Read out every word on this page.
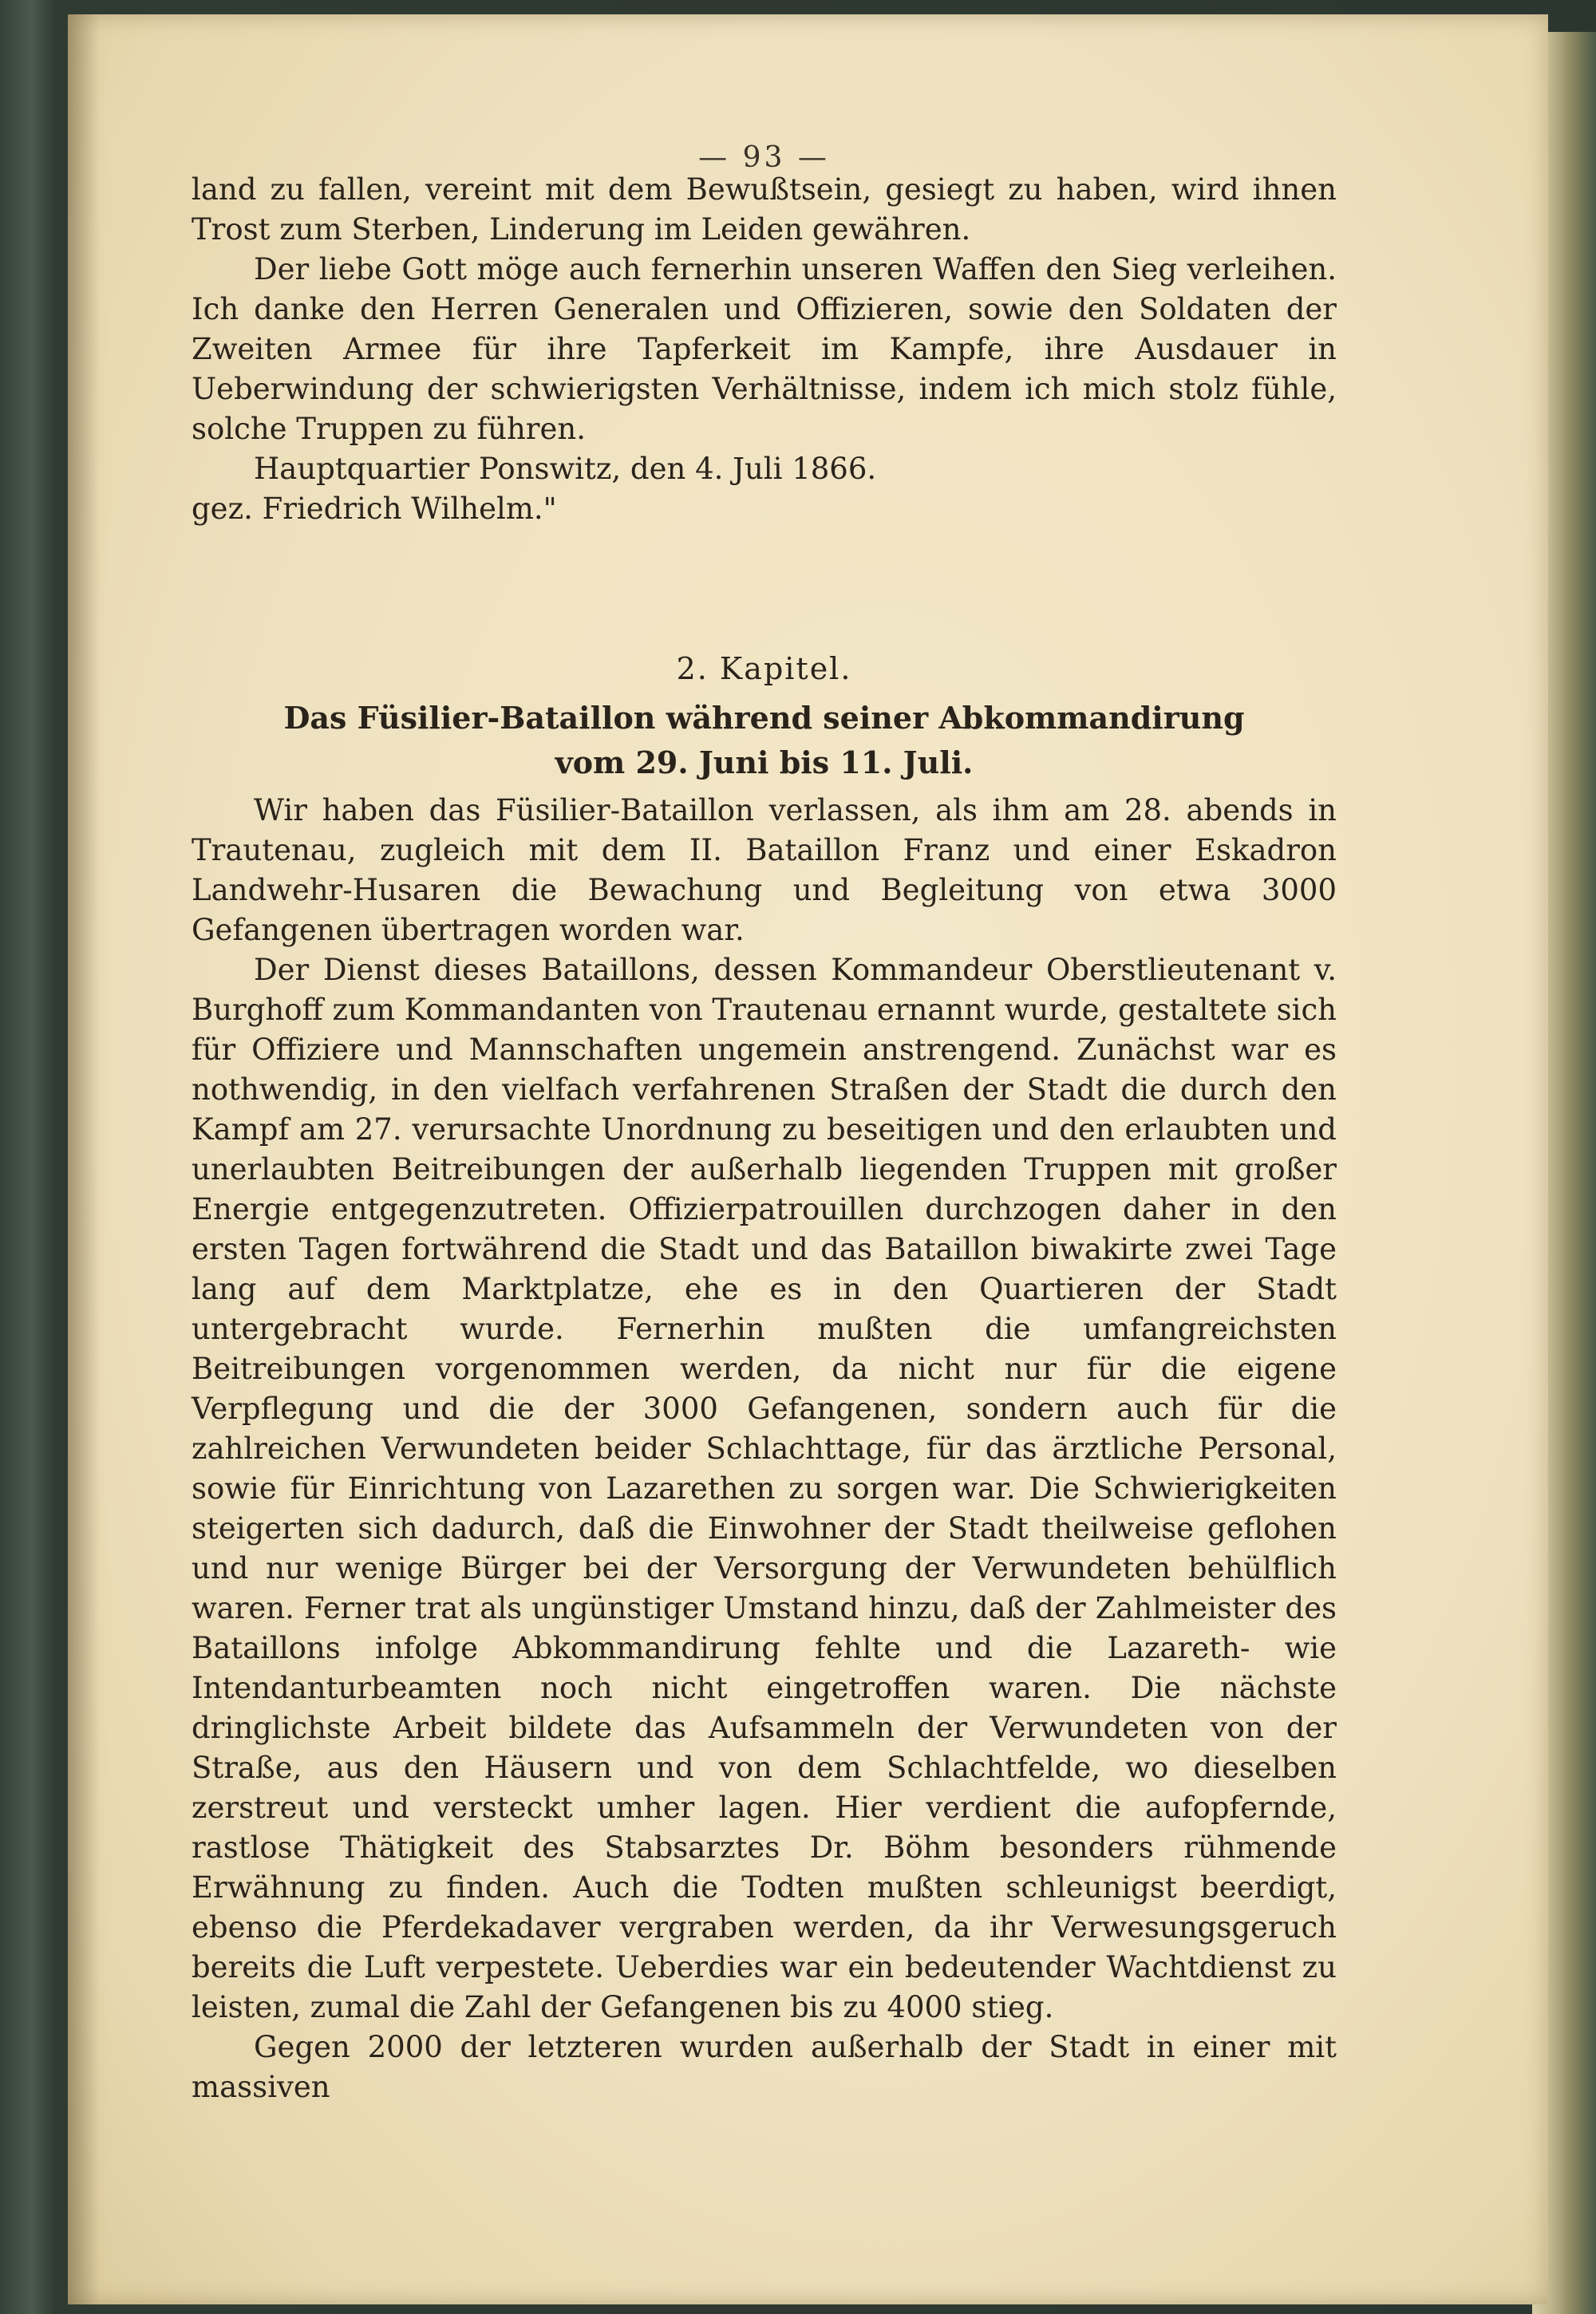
— 93 —

land zu fallen, vereint mit dem Bewußtsein, gesiegt zu haben, wird ihnen Trost zum Sterben, Linderung im Leiden gewähren.

Der liebe Gott möge auch fernerhin unseren Waffen den Sieg verleihen. Ich danke den Herren Generalen und Offizieren, sowie den Soldaten der Zweiten Armee für ihre Tapferkeit im Kampfe, ihre Ausdauer in Ueberwindung der schwierigsten Verhältnisse, indem ich mich stolz fühle, solche Truppen zu führen.

Hauptquartier Ponswitz, den 4. Juli 1866.

gez. Friedrich Wilhelm."

2. Kapitel.
Das Füsilier-Bataillon während seiner Abkommandirung
vom 29. Juni bis 11. Juli.

Wir haben das Füsilier-Bataillon verlassen, als ihm am 28. abends in Trautenau, zugleich mit dem II. Bataillon Franz und einer Eskadron Landwehr-Husaren die Bewachung und Begleitung von etwa 3000 Gefangenen übertragen worden war.

Der Dienst dieses Bataillons, dessen Kommandeur Oberstlieutenant v. Burghoff zum Kommandanten von Trautenau ernannt wurde, gestaltete sich für Offiziere und Mannschaften ungemein anstrengend. Zunächst war es nothwendig, in den vielfach verfahrenen Straßen der Stadt die durch den Kampf am 27. verursachte Unordnung zu beseitigen und den erlaubten und unerlaubten Beitreibungen der außerhalb liegenden Truppen mit großer Energie entgegenzutreten. Offizierpatrouillen durchzogen daher in den ersten Tagen fortwährend die Stadt und das Bataillon biwakirte zwei Tage lang auf dem Marktplatze, ehe es in den Quartieren der Stadt untergebracht wurde. Fernerhin mußten die umfangreichsten Beitreibungen vorgenommen werden, da nicht nur für die eigene Verpflegung und die der 3000 Gefangenen, sondern auch für die zahlreichen Verwundeten beider Schlachttage, für das ärztliche Personal, sowie für Einrichtung von Lazarethen zu sorgen war. Die Schwierigkeiten steigerten sich dadurch, daß die Einwohner der Stadt theilweise geflohen und nur wenige Bürger bei der Versorgung der Verwundeten behülflich waren. Ferner trat als ungünstiger Umstand hinzu, daß der Zahlmeister des Bataillons infolge Abkommandirung fehlte und die Lazareth- wie Intendanturbeamten noch nicht eingetroffen waren. Die nächste dringlichste Arbeit bildete das Aufsammeln der Verwundeten von der Straße, aus den Häusern und von dem Schlachtfelde, wo dieselben zerstreut und versteckt umher lagen. Hier verdient die aufopfernde, rastlose Thätigkeit des Stabsarztes Dr. Böhm besonders rühmende Erwähnung zu finden. Auch die Todten mußten schleunigst beerdigt, ebenso die Pferdekadaver vergraben werden, da ihr Verwesungsgeruch bereits die Luft verpestete. Ueberdies war ein bedeutender Wachtdienst zu leisten, zumal die Zahl der Gefangenen bis zu 4000 stieg.

Gegen 2000 der letzteren wurden außerhalb der Stadt in einer mit massiven
